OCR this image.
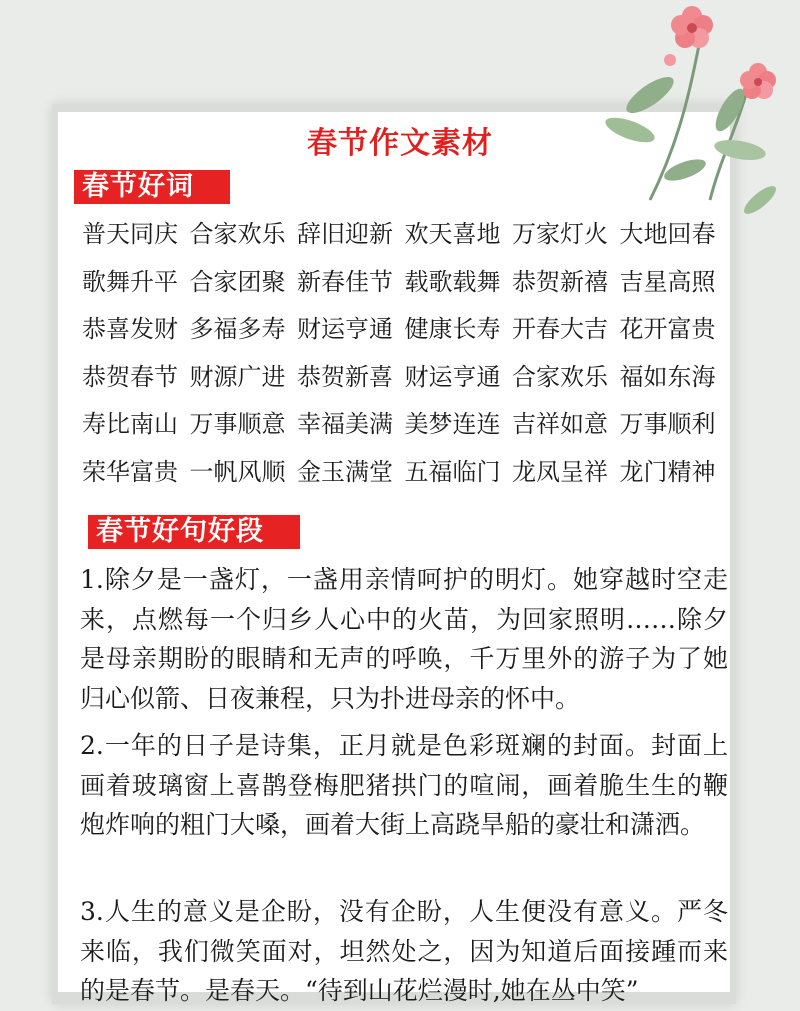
春节作文素材
春节好词
普天同庆 合家欢乐 辞旧迎新 欢天喜地 万家灯火 大地回春
歌舞升平 合家团聚 新春佳节 载歌载舞 恭贺新禧 吉星高照
恭喜发财 多福多寿 财运亨通 健康长寿 开春大吉 花开富贵
恭贺春节 财源广进 恭贺新喜 财运亨通 合家欢乐 福如东海
寿比南山 万事顺意 幸福美满 美梦连连 吉祥如意 万事顺利
荣华富贵 一帆风顺 金玉满堂 五福临门 龙凤呈祥 龙门精神
春节好句好段
1.除夕是一盏灯，一盏用亲情呵护的明灯。她穿越时空走来，点燃每一个归乡人心中的火苗，为回家照明……除夕是母亲期盼的眼睛和无声的呼唤，千万里外的游子为了她归心似箭、日夜兼程，只为扑进母亲的怀中。
2.一年的日子是诗集，正月就是色彩斑斓的封面。封面上画着玻璃窗上喜鹊登梅肥猪拱门的喧闹，画着脆生生的鞭炮炸响的粗门大嗓，画着大街上高跷旱船的豪壮和潇洒。
3.人生的意义是企盼，没有企盼，人生便没有意义。严冬来临，我们微笑面对，坦然处之，因为知道后面接踵而来的是春节。是春天。“待到山花烂漫时,她在丛中笑”
